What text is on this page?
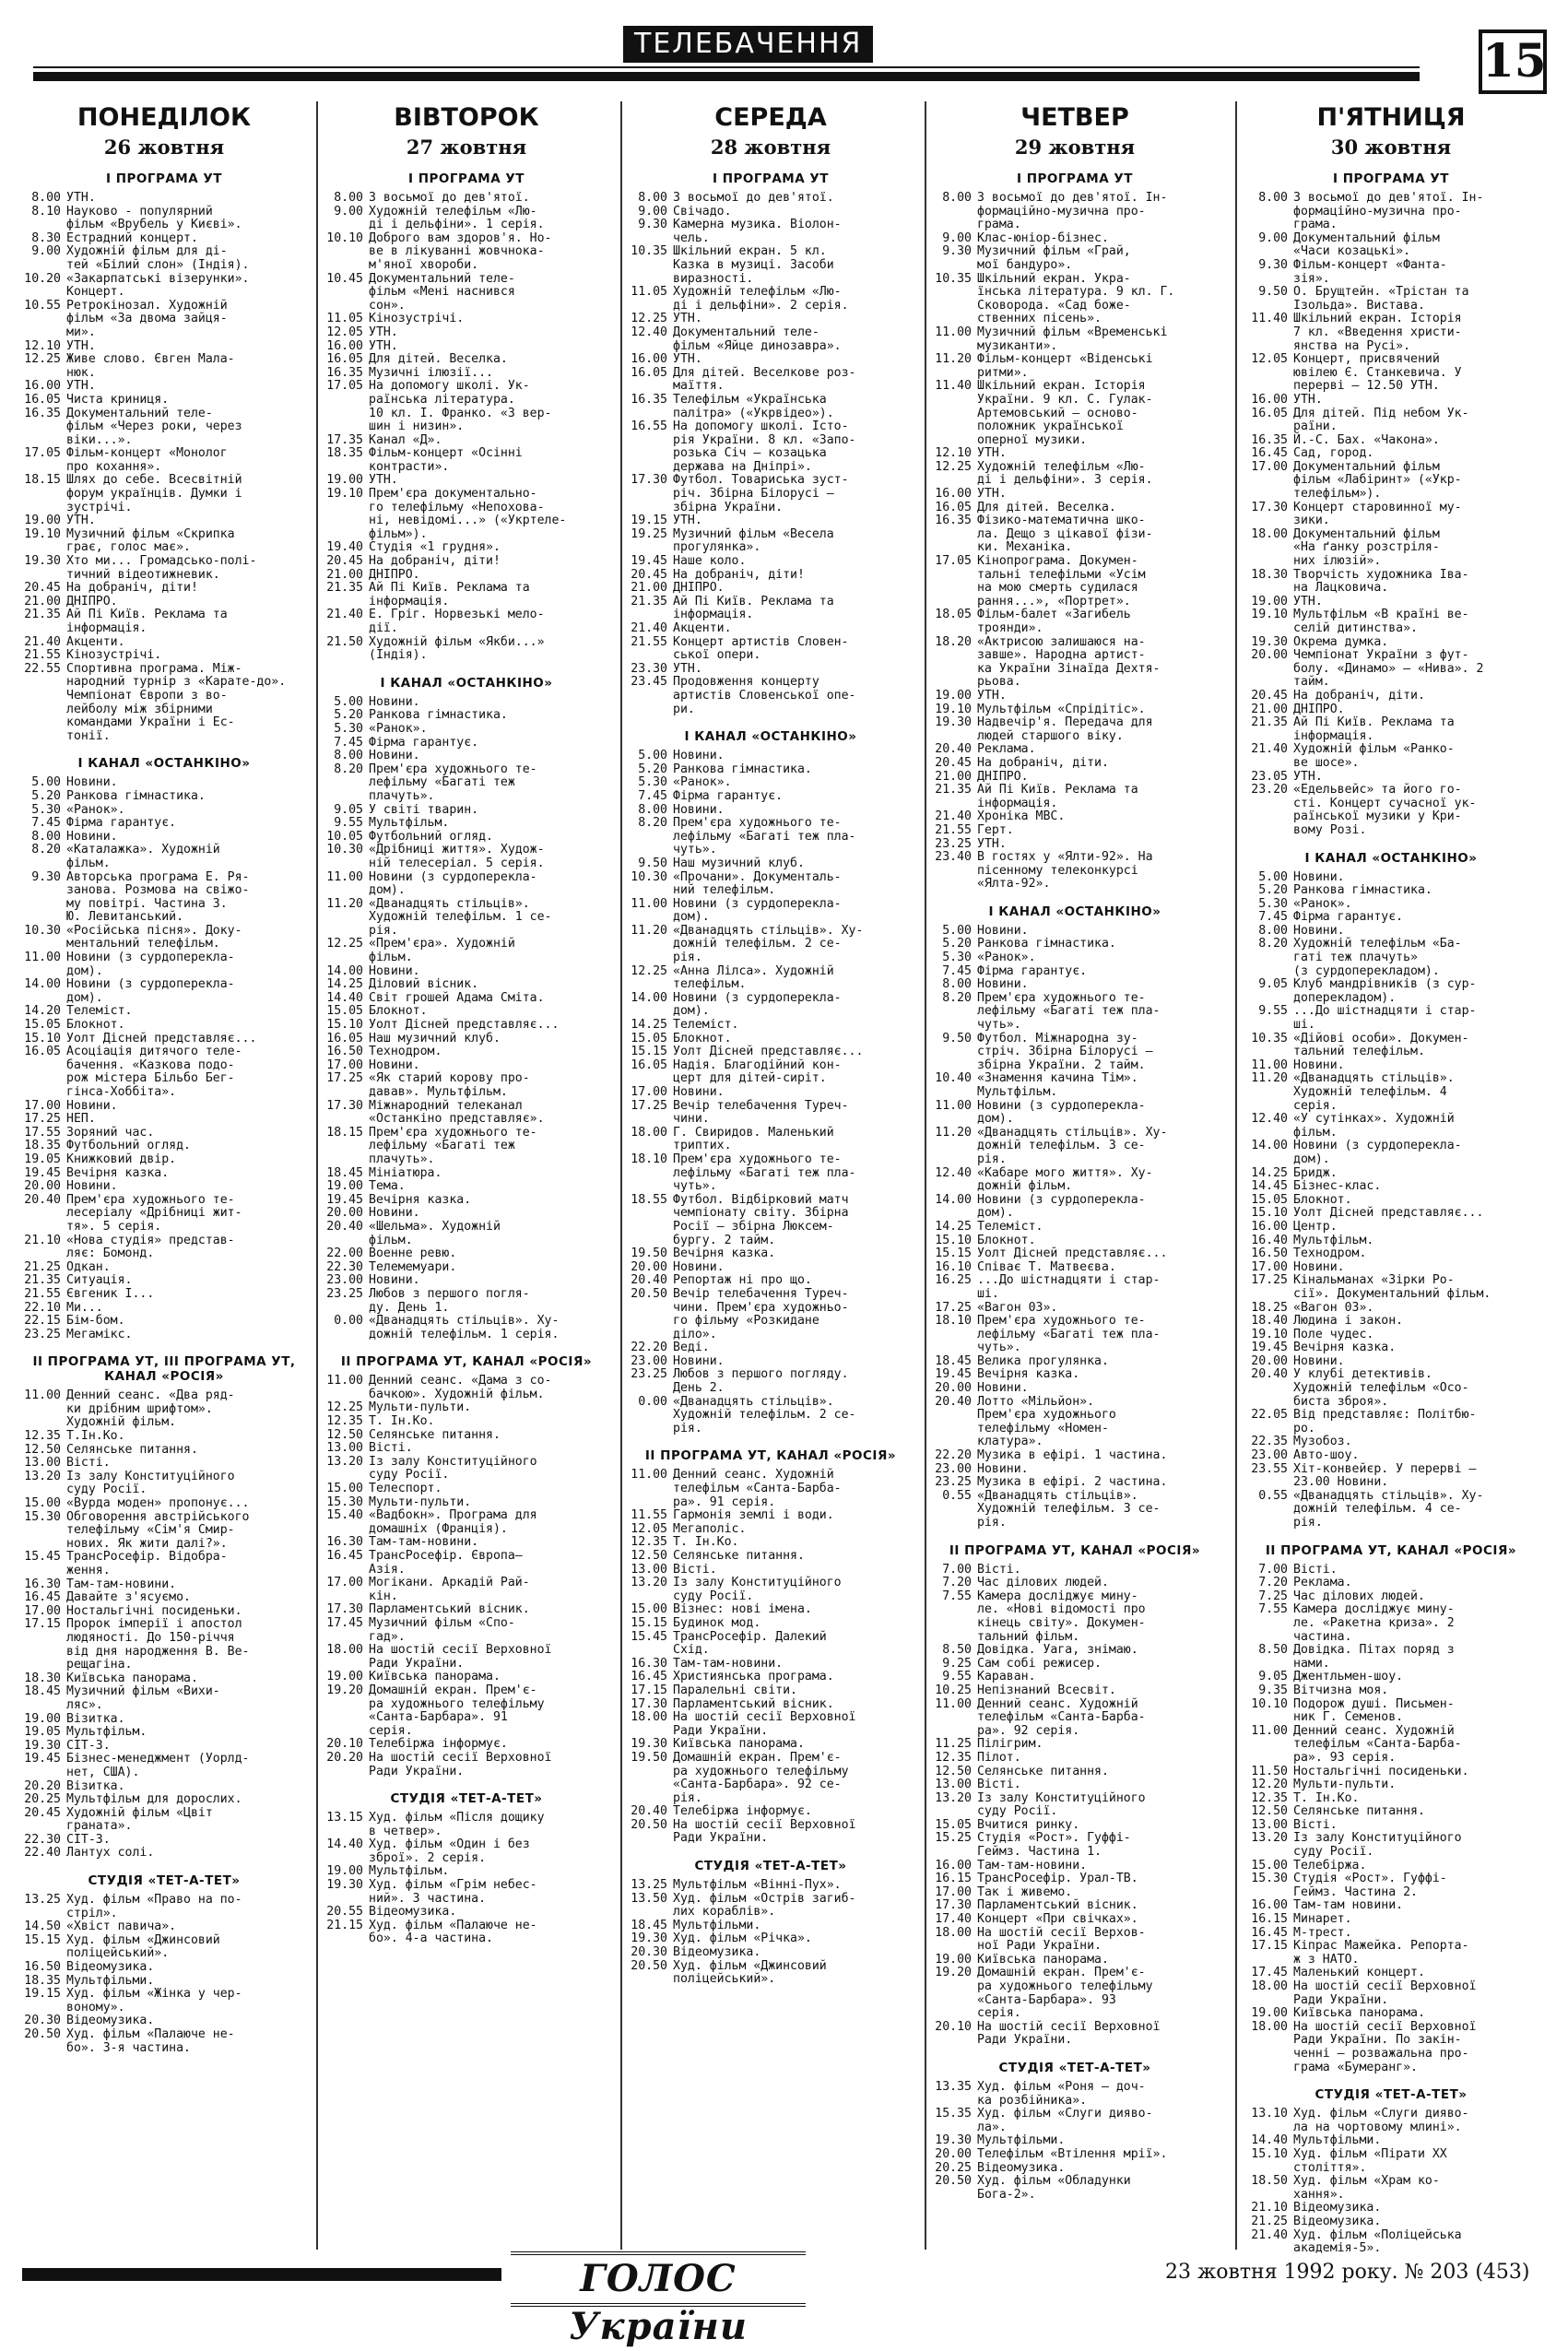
ТЕЛЕБАЧЕННЯ	15
ПОНЕДІЛОК
26 жовтня
І ПРОГРАМА УТ
8.00 УТН.
8.10 Науково - популярний
фільм «Врубель у Києві».
8.30 Естрадний концерт.
9.00 Художній фільм для ді-
тей «Білий слон» (Індія).
10.20 «Закарпатські візерунки».
Концерт.
10.55 Ретрокінозал. Художній
фільм «За двома зайця-
ми».
12.10 УТН.
12.25 Живе слово. Євген Мала-
нюк.
16.00 УТН.
16.05 Чиста криниця.
16.35 Документальний теле-
фільм «Через роки, через
віки...».
17.05 Фільм-концерт «Монолог
про кохання».
18.15 Шлях до себе. Всесвітній
форум українців. Думки і
зустрічі.
19.00 УТН.
19.10 Музичний фільм «Скрипка
грає, голос має».
19.30 Хто ми... Громадсько-полі-
тичний відеотижневик.
20.45 На добраніч, діти!
21.00 ДНІПРО.
21.35 Ай Пі Київ. Реклама та
інформація.
21.40 Акценти.
21.55 Кінозустрічі.
22.55 Спортивна програма. Між-
народний турнір з «Карате-до».
Чемпіонат Європи з во-
лейболу між збірними
командами України і Ес-
тонії.
І КАНАЛ «ОСТАНКІНО»
5.00 Новини.
5.20 Ранкова гімнастика.
5.30 «Ранок».
7.45 Фірма гарантує.
8.00 Новини.
8.20 «Каталажка». Художній
фільм.
9.30 Авторська програма Е. Ря-
занова. Розмова на свіжо-
му повітрі. Частина 3.
Ю. Левитанський.
10.30 «Російська пісня». Доку-
ментальний телефільм.
11.00 Новини (з сурдоперекла-
дом).
14.00 Новини (з сурдоперекла-
дом).
14.20 Телеміст.
15.05 Блокнот.
15.10 Уолт Дісней представляє...
16.05 Асоціація дитячого теле-
бачення. «Казкова подо-
рож містера Більбо Бег-
гінса-Хоббіта».
17.00 Новини.
17.25 НЕП.
17.55 Зоряний час.
18.35 Футбольний огляд.
19.05 Книжковий двір.
19.45 Вечірня казка.
20.00 Новини.
20.40 Прем'єра художнього те-
лесеріалу «Дрібниці жит-
тя». 5 серія.
21.10 «Нова студія» представ-
ляє: Бомонд.
21.25 Одкан.
21.35 Ситуація.
21.55 Євгеник І...
22.10 Ми...
22.15 Бім-бом.
23.25 Мегамікс.
ІІ ПРОГРАМА УТ, ІІІ ПРОГРАМА УТ, КАНАЛ «РОСІЯ»
11.00 Денний сеанс. «Два ряд-
ки дрібним шрифтом».
Художній фільм.
12.35 Т.Ін.Ко.
12.50 Селянське питання.
13.00 Вісті.
13.20 Із залу Конституційного
суду Росії.
15.00 «Вурда моден» пропонує...
15.30 Обговорення австрійського
телефільму «Сім'я Смир-
нових. Як жити далі?».
15.45 ТрансРосефір. Відобра-
ження.
16.30 Там-там-новини.
16.45 Давайте з'ясуємо.
17.00 Ностальгічні посиденьки.
17.15 Пророк імперії і апостол
людяності. До 150-річчя
від дня народження В. Ве-
рещагіна.
18.30 Київська панорама.
18.45 Музичний фільм «Вихи-
ляс».
19.00 Візитка.
19.05 Мультфільм.
19.30 СІТ-3.
19.45 Бізнес-менеджмент (Уорлд-
нет, США).
20.20 Візитка.
20.25 Мультфільм для дорослих.
20.45 Художній фільм «Цвіт
граната».
22.30 СІТ-3.
22.40 Лантух солі.
СТУДІЯ «ТЕТ-А-ТЕТ»
13.25 Худ. фільм «Право на по-
стріл».
14.50 «Хвіст павича».
15.15 Худ. фільм «Джинсовий
поліцейський».
16.50 Відеомузика.
18.35 Мультфільми.
19.15 Худ. фільм «Жінка у чер-
воному».
20.30 Відеомузика.
20.50 Худ. фільм «Палаюче не-
бо». 3-я частина.
ВІВТОРОК
27 жовтня
І ПРОГРАМА УТ
8.00 З восьмої до дев'ятої.
9.00 Художній телефільм «Лю-
ді і дельфіни». 1 серія.
10.10 Доброго вам здоров'я. Но-
ве в лікуванні жовчнока-
м'яної хвороби.
10.45 Документальний теле-
фільм «Мені наснився
сон».
11.05 Кінозустрічі.
12.05 УТН.
16.00 УТН.
16.05 Для дітей. Веселка.
16.35 Музичні ілюзії...
17.05 На допомогу школі. Ук-
раїнська література.
10 кл. І. Франко. «З вер-
шин і низин».
17.35 Канал «Д».
18.35 Фільм-концерт «Осінні
контрасти».
19.00 УТН.
19.10 Прем'єра документально-
го телефільму «Непохова-
ні, невідомі...» («Укртеле-
фільм»).
19.40 Студія «1 грудня».
20.45 На добраніч, діти!
21.00 ДНІПРО.
21.35 Ай Пі Київ. Реклама та
інформація.
21.40 Е. Гріг. Норвезькі мело-
дії.
21.50 Художній фільм «Якби...»
(Індія).
І КАНАЛ «ОСТАНКІНО»
5.00 Новини.
5.20 Ранкова гімнастика.
5.30 «Ранок».
7.45 Фірма гарантує.
8.00 Новини.
8.20 Прем'єра художнього те-
лефільму «Багаті теж
плачуть».
9.05 У світі тварин.
9.55 Мультфільм.
10.05 Футбольний огляд.
10.30 «Дрібниці життя». Худож-
ній телесеріал. 5 серія.
11.00 Новини (з сурдоперекла-
дом).
11.20 «Дванадцять стільців».
Художній телефільм. 1 се-
рія.
12.25 «Прем'єра». Художній
фільм.
14.00 Новини.
14.25 Діловий вісник.
14.40 Світ грошей Адама Сміта.
15.05 Блокнот.
15.10 Уолт Дісней представляє...
16.05 Наш музичний клуб.
16.50 Технодром.
17.00 Новини.
17.25 «Як старий корову про-
давав». Мультфільм.
17.30 Міжнародний телеканал
«Останкіно представляє».
18.15 Прем'єра художнього те-
лефільму «Багаті теж
плачуть».
18.45 Мініатюра.
19.00 Тема.
19.45 Вечірня казка.
20.00 Новини.
20.40 «Шельма». Художній
фільм.
22.00 Военне ревю.
22.30 Телемемуари.
23.00 Новини.
23.25 Любов з першого погля-
ду. День 1.
0.00 «Дванадцять стільців». Ху-
дожній телефільм. 1 серія.
ІІ ПРОГРАМА УТ, КАНАЛ «РОСІЯ»
11.00 Денний сеанс. «Дама з со-
бачкою». Художній фільм.
12.25 Мульти-пульти.
12.35 Т. Ін.Ко.
12.50 Селянське питання.
13.00 Вісті.
13.20 Із залу Конституційного
суду Росії.
15.00 Телеспорт.
15.30 Мульти-пульти.
15.40 «Вадбокн». Програма для
домашніх (Франція).
16.30 Там-там-новини.
16.45 ТрансРосефір. Європа—
Азія.
17.00 Могікани. Аркадій Рай-
кін.
17.30 Парламентський вісник.
17.45 Музичний фільм «Спо-
гад».
18.00 На шостій сесії Верховної
Ради України.
19.00 Київська панорама.
19.20 Домашній екран. Прем'є-
ра художнього телефільму
«Санта-Барбара». 91
серія.
20.10 Телебіржа інформує.
20.20 На шостій сесії Верховної
Ради України.
СТУДІЯ «ТЕТ-А-ТЕТ»
13.15 Худ. фільм «Після дощику
в четвер».
14.40 Худ. фільм «Один і без
зброї». 2 серія.
19.00 Мультфільм.
19.30 Худ. фільм «Грім небес-
ний». 3 частина.
20.55 Відеомузика.
21.15 Худ. фільм «Палаюче не-
бо». 4-а частина.
СЕРЕДА
28 жовтня
І ПРОГРАМА УТ
8.00 З восьмої до дев'ятої.
9.00 Свічадо.
9.30 Камерна музика. Віолон-
чель.
10.35 Шкільний екран. 5 кл.
Казка в музиці. Засоби
виразності.
11.05 Художній телефільм «Лю-
ді і дельфіни». 2 серія.
12.25 УТН.
12.40 Документальний теле-
фільм «Яйце динозавра».
16.00 УТН.
16.05 Для дітей. Веселкове роз-
маїття.
16.35 Телефільм «Українська
палітра» («Укрвідео»).
16.55 На допомогу школі. Істо-
рія України. 8 кл. «Запо-
розька Січ — козацька
держава на Дніпрі».
17.30 Футбол. Товариська зуст-
річ. Збірна Білорусі —
збірна України.
19.15 УТН.
19.25 Музичний фільм «Весела
прогулянка».
19.45 Наше коло.
20.45 На добраніч, діти!
21.00 ДНІПРО.
21.35 Ай Пі Київ. Реклама та
інформація.
21.40 Акценти.
21.55 Концерт артистів Словен-
ської опери.
23.30 УТН.
23.45 Продовження концерту
артистів Словенської опе-
ри.
І КАНАЛ «ОСТАНКІНО»
5.00 Новини.
5.20 Ранкова гімнастика.
5.30 «Ранок».
7.45 Фірма гарантує.
8.00 Новини.
8.20 Прем'єра художнього те-
лефільму «Багаті теж пла-
чуть».
9.50 Наш музичний клуб.
10.30 «Прочани». Документаль-
ний телефільм.
11.00 Новини (з сурдоперекла-
дом).
11.20 «Дванадцять стільців». Ху-
дожній телефільм. 2 се-
рія.
12.25 «Анна Лілса». Художній
телефільм.
14.00 Новини (з сурдоперекла-
дом).
14.25 Телеміст.
15.05 Блокнот.
15.15 Уолт Дісней представляє...
16.05 Надія. Благодійний кон-
церт для дітей-сиріт.
17.00 Новини.
17.25 Вечір телебачення Туреч-
чини.
18.00 Г. Свиридов. Маленький
триптих.
18.10 Прем'єра художнього те-
лефільму «Багаті теж пла-
чуть».
18.55 Футбол. Відбірковий матч
чемпіонату світу. Збірна
Росії — збірна Люксем-
бургу. 2 тайм.
19.50 Вечірня казка.
20.00 Новини.
20.40 Репортаж ні про що.
20.50 Вечір телебачення Туреч-
чини. Прем'єра художньо-
го фільму «Розкидане
діло».
22.20 Веді.
23.00 Новини.
23.25 Любов з першого погляду.
День 2.
0.00 «Дванадцять стільців».
Художній телефільм. 2 се-
рія.
ІІ ПРОГРАМА УТ, КАНАЛ «РОСІЯ»
11.00 Денний сеанс. Художній
телефільм «Санта-Барба-
ра». 91 серія.
11.55 Гармонія землі і води.
12.05 Мегаполіс.
12.35 Т. Ін.Ко.
12.50 Селянське питання.
13.00 Вісті.
13.20 Із залу Конституційного
суду Росії.
15.00 Візнес: нові імена.
15.15 Будинок мод.
15.45 ТрансРосефір. Далекий
Схід.
16.30 Там-там-новини.
16.45 Християнська програма.
17.15 Паралельні світи.
17.30 Парламентський вісник.
18.00 На шостій сесії Верховної
Ради України.
19.30 Київська панорама.
19.50 Домашній екран. Прем'є-
ра художнього телефільму
«Санта-Барбара». 92 се-
рія.
20.40 Телебіржа інформує.
20.50 На шостій сесії Верховної
Ради України.
СТУДІЯ «ТЕТ-А-ТЕТ»
13.25 Мультфільм «Вінні-Пух».
13.50 Худ. фільм «Острів загиб-
лих кораблів».
18.45 Мультфільми.
19.30 Худ. фільм «Річка».
20.30 Відеомузика.
20.50 Худ. фільм «Джинсовий
поліцейський».
ЧЕТВЕР
29 жовтня
І ПРОГРАМА УТ
8.00 З восьмої до дев'ятої. Ін-
формаційно-музична про-
грама.
9.00 Клас-юніор-бізнес.
9.30 Музичний фільм «Грай,
мої бандуро».
10.35 Шкільний екран. Укра-
їнська література. 9 кл. Г.
Сковорода. «Сад боже-
ственних пісень».
11.00 Музичний фільм «Временські
музиканти».
11.20 Фільм-концерт «Віденські
ритми».
11.40 Шкільний екран. Історія
України. 9 кл. С. Гулак-
Артемовський — осново-
положник української
оперної музики.
12.10 УТН.
12.25 Художній телефільм «Лю-
ді і дельфіни». 3 серія.
16.00 УТН.
16.05 Для дітей. Веселка.
16.35 Фізико-математична шко-
ла. Дещо з цікавої фізи-
ки. Механіка.
17.05 Кінопрограма. Докумен-
тальні телефільми «Усім
на мою смерть судилася
рання...», «Портрет».
18.05 Фільм-балет «Загибель
троянди».
18.20 «Актрисою залишаюся на-
завше». Народна артист-
ка України Зінаїда Дехтя-
рьова.
19.00 УТН.
19.10 Мультфільм «Спрідітіс».
19.30 Надвечір'я. Передача для
людей старшого віку.
20.40 Реклама.
20.45 На добраніч, діти.
21.00 ДНІПРО.
21.35 Ай Пі Київ. Реклама та
інформація.
21.40 Хроніка МВС.
21.55 Герт.
23.25 УТН.
23.40 В гостях у «Ялти-92». На
пісенному телеконкурсі
«Ялта-92».
І КАНАЛ «ОСТАНКІНО»
5.00 Новини.
5.20 Ранкова гімнастика.
5.30 «Ранок».
7.45 Фірма гарантує.
8.00 Новини.
8.20 Прем'єра художнього те-
лефільму «Багаті теж пла-
чуть».
9.50 Футбол. Міжнародна зу-
стріч. Збірна Білорусі —
збірна України. 2 тайм.
10.40 «Знамення качина Тім».
Мультфільм.
11.00 Новини (з сурдоперекла-
дом).
11.20 «Дванадцять стільців». Ху-
дожній телефільм. 3 се-
рія.
12.40 «Кабаре мого життя». Ху-
дожній фільм.
14.00 Новини (з сурдоперекла-
дом).
14.25 Телеміст.
15.10 Блокнот.
15.15 Уолт Дісней представляє...
16.10 Співає Т. Матвеєва.
16.25 ...До шістнадцяти і стар-
ші.
17.25 «Вагон 03».
18.10 Прем'єра художнього те-
лефільму «Багаті теж пла-
чуть».
18.45 Велика прогулянка.
19.45 Вечірня казка.
20.00 Новини.
20.40 Лотто «Мільйон».
Прем'єра художнього
телефільму «Номен-
клатура».
22.20 Музика в ефірі. 1 частина.
23.00 Новини.
23.25 Музика в ефірі. 2 частина.
0.55 «Дванадцять стільців».
Художній телефільм. 3 се-
рія.
ІІ ПРОГРАМА УТ, КАНАЛ «РОСІЯ»
7.00 Вісті.
7.20 Час ділових людей.
7.55 Камера досліджує мину-
ле. «Нові відомості про
кінець світу». Докумен-
тальний фільм.
8.50 Довідка. Уага, знімаю.
9.25 Сам собі режисер.
9.55 Караван.
10.25 Непізнаний Всесвіт.
11.00 Денний сеанс. Художній
телефільм «Санта-Барба-
ра». 92 серія.
11.25 Пілігрим.
12.35 Пілот.
12.50 Селянське питання.
13.00 Вісті.
13.20 Із залу Конституційного
суду Росії.
15.05 Вчитися ринку.
15.25 Студія «Рост». Гуффі-
Геймз. Частина 1.
16.00 Там-там-новини.
16.15 ТрансРосефір. Урал-ТВ.
17.00 Так і живемо.
17.30 Парламентський вісник.
17.40 Концерт «При свічках».
18.00 На шостій сесії Верхов-
ної Ради України.
19.00 Київська панорама.
19.20 Домашній екран. Прем'є-
ра художнього телефільму
«Санта-Барбара». 93
серія.
20.10 На шостій сесії Верховної
Ради України.
СТУДІЯ «ТЕТ-А-ТЕТ»
13.35 Худ. фільм «Роня — доч-
ка розбійника».
15.35 Худ. фільм «Слуги дияво-
ла».
19.30 Мультфільми.
20.00 Телефільм «Втілення мрії».
20.25 Відеомузика.
20.50 Худ. фільм «Обладунки
Бога-2».
П'ЯТНИЦЯ
30 жовтня
І ПРОГРАМА УТ
8.00 З восьмої до дев'ятої. Ін-
формаційно-музична про-
грама.
9.00 Документальний фільм
«Часи козацькі».
9.30 Фільм-концерт «Фанта-
зія».
9.50 О. Брущтейн. «Трістан та
Ізольда». Вистава.
11.40 Шкільний екран. Історія
7 кл. «Введення христи-
янства на Русі».
12.05 Концерт, присвячений
ювілею Є. Станкевича. У
перерві — 12.50 УТН.
16.00 УТН.
16.05 Для дітей. Під небом Ук-
раїни.
16.35 Й.-С. Бах. «Чакона».
16.45 Сад, город.
17.00 Документальний фільм
фільм «Лабіринт» («Укр-
телефільм»).
17.30 Концерт старовинної му-
зики.
18.00 Документальний фільм
«На ґанку розстріля-
них ілюзій».
18.30 Творчість художника Іва-
на Лацковича.
19.00 УТН.
19.10 Мультфільм «В країні ве-
селій дитинства».
19.30 Окрема думка.
20.00 Чемпіонат України з фут-
болу. «Динамо» — «Нива». 2
тайм.
20.45 На добраніч, діти.
21.00 ДНІПРО.
21.35 Ай Пі Київ. Реклама та
інформація.
21.40 Художній фільм «Ранко-
ве шосе».
23.05 УТН.
23.20 «Едельвейс» та його го-
сті. Концерт сучасної ук-
раїнської музики у Кри-
вому Розі.
І КАНАЛ «ОСТАНКІНО»
5.00 Новини.
5.20 Ранкова гімнастика.
5.30 «Ранок».
7.45 Фірма гарантує.
8.00 Новини.
8.20 Художній телефільм «Ба-
гаті теж плачуть»
(з сурдоперекладом).
9.05 Клуб мандрівників (з сур-
доперекладом).
9.55 ...До шістнадцяти і стар-
ші.
10.35 «Дійові особи». Докумен-
тальний телефільм.
11.00 Новини.
11.20 «Дванадцять стільців».
Художній телефільм. 4
серія.
12.40 «У сутінках». Художній
фільм.
14.00 Новини (з сурдоперекла-
дом).
14.25 Бридж.
14.45 Бізнес-клас.
15.05 Блокнот.
15.10 Уолт Дісней представляє...
16.00 Центр.
16.40 Мультфільм.
16.50 Технодром.
17.00 Новини.
17.25 Кінальманах «Зірки Ро-
сії». Документальний фільм.
18.25 «Вагон 03».
18.40 Людина і закон.
19.10 Поле чудес.
19.45 Вечірня казка.
20.00 Новини.
20.40 У клубі детективів.
Художній телефільм «Осо-
биста зброя».
22.05 Від представляє: Політбю-
ро.
22.35 Музобоз.
23.00 Авто-шоу.
23.55 Хіт-конвейєр. У перерві —
23.00 Новини.
0.55 «Дванадцять стільців». Ху-
дожній телефільм. 4 се-
рія.
ІІ ПРОГРАМА УТ, КАНАЛ «РОСІЯ»
7.00 Вісті.
7.20 Реклама.
7.25 Час ділових людей.
7.55 Камера досліджує мину-
ле. «Ракетна криза». 2
частина.
8.50 Довідка. Пітах поряд з
нами.
9.05 Джентльмен-шоу.
9.35 Вітчизна моя.
10.10 Подорож душі. Письмен-
ник Г. Семенов.
11.00 Денний сеанс. Художній
телефільм «Санта-Барба-
ра». 93 серія.
11.50 Ностальгічні посиденьки.
12.20 Мульти-пульти.
12.35 Т. Ін.Ко.
12.50 Селянське питання.
13.00 Вісті.
13.20 Із залу Конституційного
суду Росії.
15.00 Телебіржа.
15.30 Студія «Рост». Гуффі-
Геймз. Частина 2.
16.00 Там-там новини.
16.15 Минарет.
16.45 М-трест.
17.15 Кіпрас Мажейка. Репорта-
ж з НАТО.
17.45 Маленький концерт.
18.00 На шостій сесії Верховної
Ради України.
19.00 Київська панорама.
18.00 На шостій сесії Верховної
Ради України. По закін-
ченні — розважальна про-
грама «Бумеранг».
СТУДІЯ «ТЕТ-А-ТЕТ»
13.10 Худ. фільм «Слуги дияво-
ла на чортовому млині».
14.40 Мультфільми.
15.10 Худ. фільм «Пірати XX
століття».
18.50 Худ. фільм «Храм ко-
хання».
21.10 Відеомузика.
21.25 Відеомузика.
21.40 Худ. фільм «Поліцейська
академія-5».
ГОЛОС України
23 жовтня 1992 року. № 203 (453)
